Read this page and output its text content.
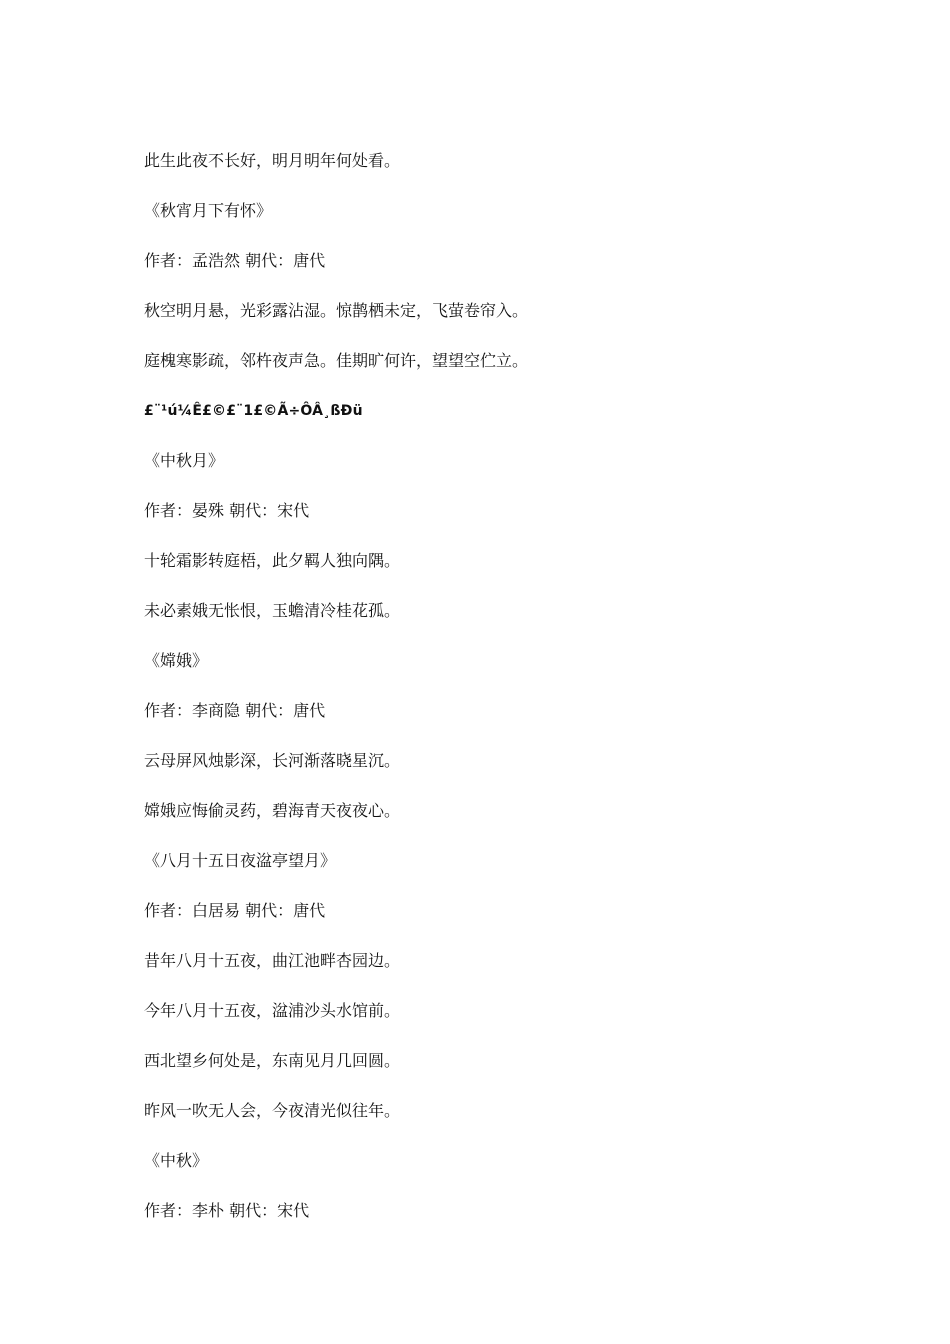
此生此夜不长好，明月明年何处看。
《秋宵月下有怀》
作者：孟浩然 朝代：唐代
秋空明月悬，光彩露沾湿。惊鹊栖未定，飞萤卷帘入。
庭槐寒影疏，邻杵夜声急。佳期旷何许，望望空伫立。
£¨¹ú¼Ê£©£¨1£©Ã÷ÔÂ¸ßÐü
《中秋月》
作者：晏殊 朝代：宋代
十轮霜影转庭梧，此夕羁人独向隅。
未必素娥无怅恨，玉蟾清冷桂花孤。
《嫦娥》
作者：李商隐 朝代：唐代
云母屏风烛影深，长河渐落晓星沉。
嫦娥应悔偷灵药，碧海青天夜夜心。
《八月十五日夜湓亭望月》
作者：白居易 朝代：唐代
昔年八月十五夜，曲江池畔杏园边。
今年八月十五夜，湓浦沙头水馆前。
西北望乡何处是，东南见月几回圆。
昨风一吹无人会，今夜清光似往年。
《中秋》
作者：李朴 朝代：宋代
